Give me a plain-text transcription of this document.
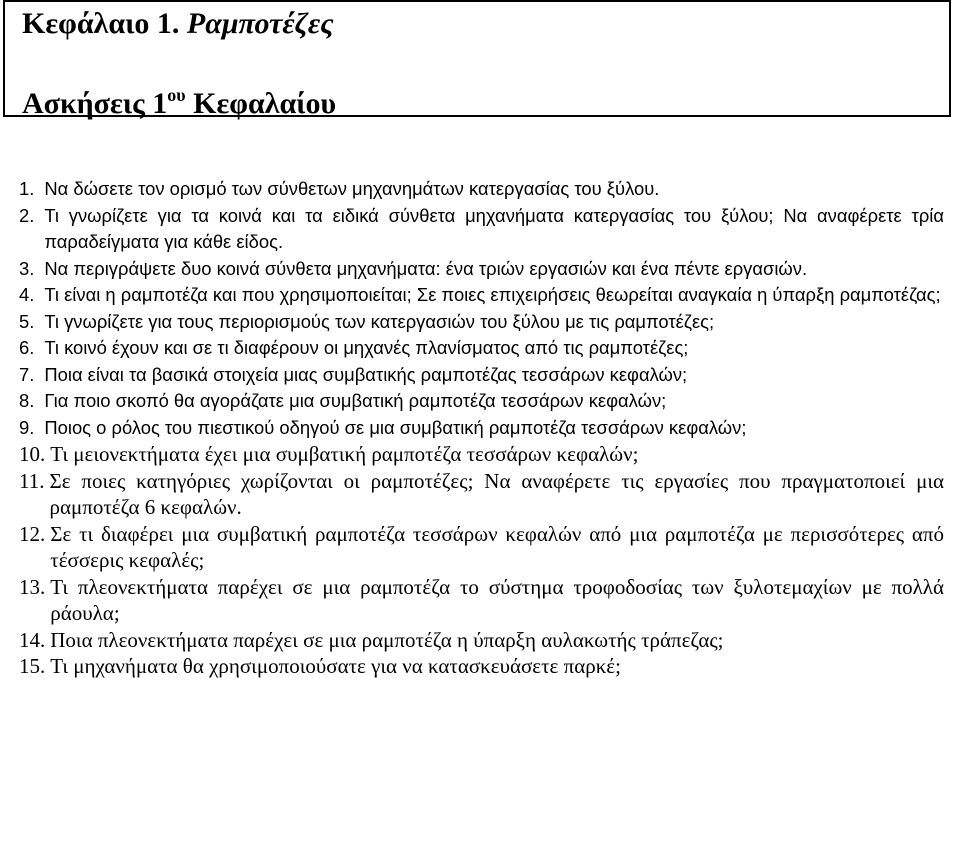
Κεφάλαιο 1. Ραμποτέζες
Ασκήσεις $1^{o\upsilon}$ Κεφαλαίου
1. Να δώσετε τον ορισμό των σύνθετων μηχανημάτων κατεργασίας του ξύλου.
2. Τι γνωρίζετε για τα κοινά και τα ειδικά σύνθετα μηχανήματα κατεργασίας του ξύλου; Να αναφέρετε τρία παραδείγματα για κάθε είδος.
3. Να περιγράψετε δυο κοινά σύνθετα μηχανήματα: ένα τριών εργασιών και ένα πέντε εργασιών.
4. Τι είναι η ραμποτέζα και που χρησιμοποιείται; Σε ποιες επιχειρήσεις θεωρείται αναγκαία η ύπαρξη ραμποτέζας;
5. Τι γνωρίζετε για τους περιορισμούς των κατεργασιών του ξύλου με τις ραμποτέζες;
6. Τι κοινό έχουν και σε τι διαφέρουν οι μηχανές πλανίσματος από τις ραμποτέζες;
7. Ποια είναι τα βασικά στοιχεία μιας συμβατικής ραμποτέζας τεσσάρων κεφαλών;
8. Για ποιο σκοπό θα αγοράζατε μια συμβατική ραμποτέζα τεσσάρων κεφαλών;
9. Ποιος ο ρόλος του πιεστικού οδηγού σε μια συμβατική ραμποτέζα τεσσάρων κεφαλών;
10. Τι μειονεκτήματα έχει μια συμβατική ραμποτέζα τεσσάρων κεφαλών;
11. Σε ποιες κατηγόριες χωρίζονται οι ραμποτέζες; Να αναφέρετε τις εργασίες που πραγματοποιεί μια ραμποτέζα 6 κεφαλών.
12. Σε τι διαφέρει μια συμβατική ραμποτέζα τεσσάρων κεφαλών από μια ραμποτέζα με περισσότερες από τέσσερις κεφαλές;
13. Τι πλεονεκτήματα παρέχει σε μια ραμποτέζα το σύστημα τροφοδοσίας των ξυλοτεμαχίων με πολλά ράουλα;
14. Ποια πλεονεκτήματα παρέχει σε μια ραμποτέζα η ύπαρξη αυλακωτής τράπεζας;
15. Τι μηχανήματα θα χρησιμοποιούσατε για να κατασκευάσετε παρκέ;
